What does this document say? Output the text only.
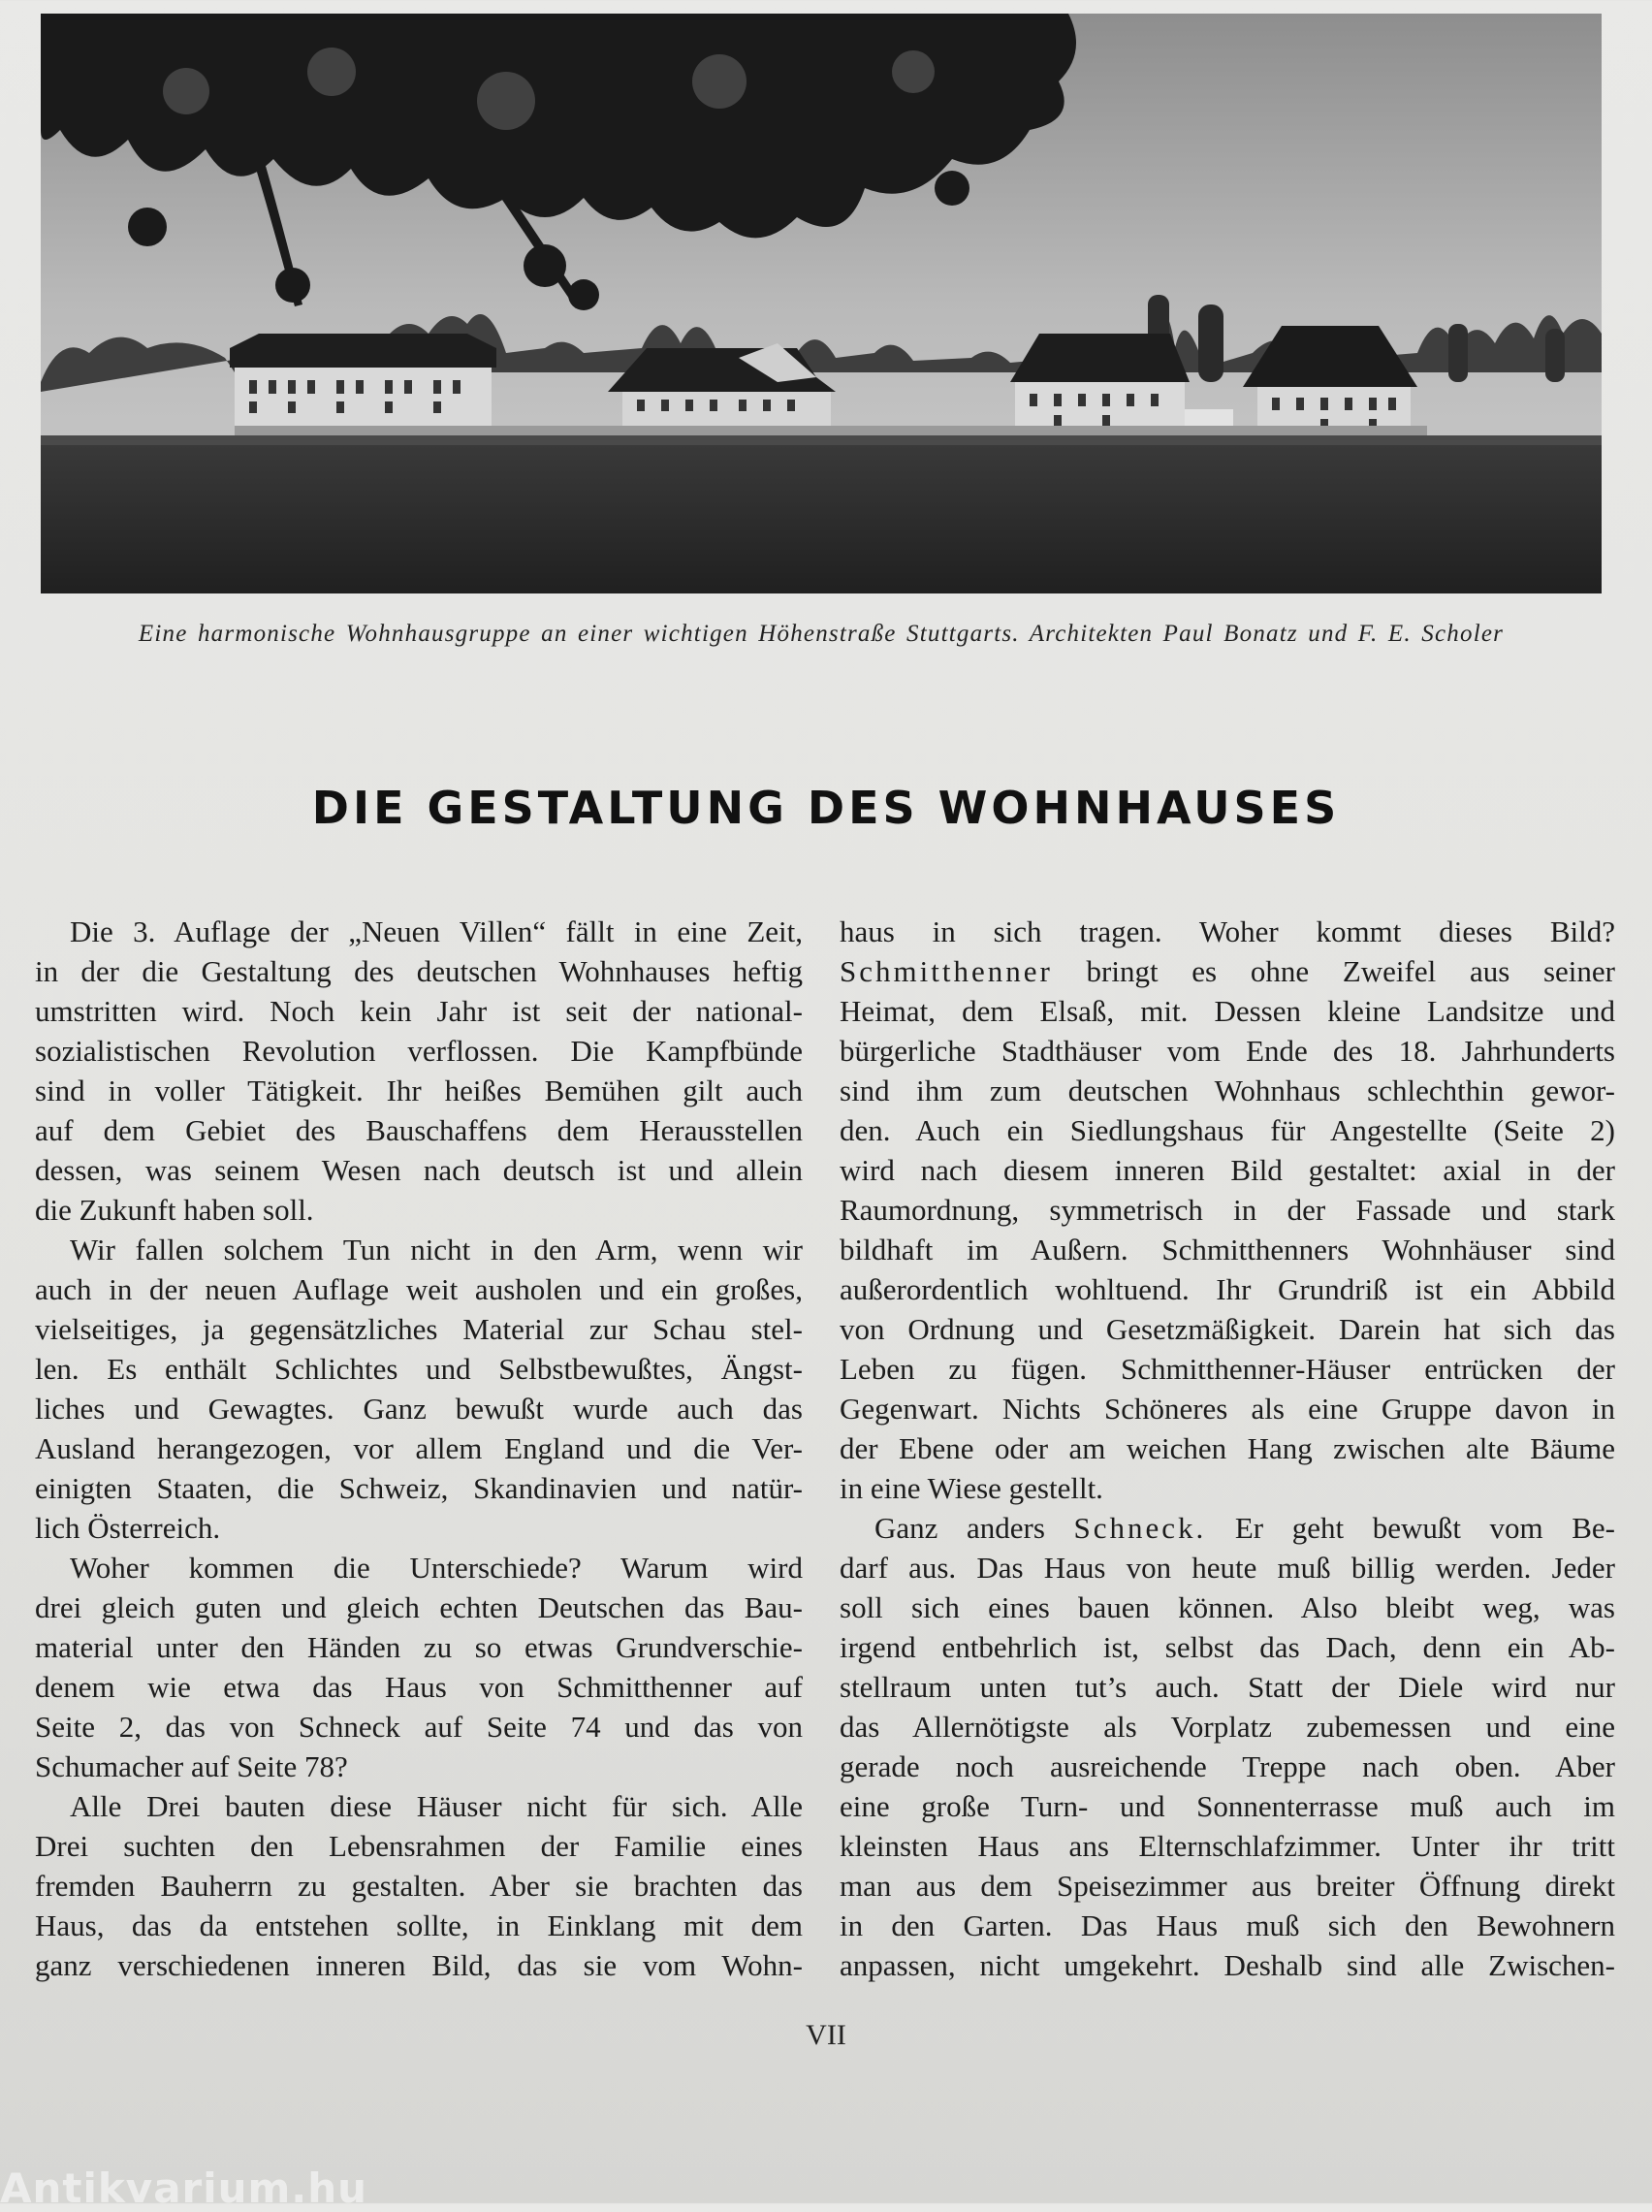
Eine harmonische Wohnhausgruppe an einer wichtigen Höhenstraße Stuttgarts. Architekten Paul Bonatz und F. E. Scholer
DIE GESTALTUNG DES WOHNHAUSES

Die 3. Auflage der „Neuen Villen“ fällt in eine Zeit,
in der die Gestaltung des deutschen Wohnhauses heftig
umstritten wird. Noch kein Jahr ist seit der national-
sozialistischen Revolution verflossen. Die Kampfbünde
sind in voller Tätigkeit. Ihr heißes Bemühen gilt auch
auf dem Gebiet des Bauschaffens dem Herausstellen
dessen, was seinem Wesen nach deutsch ist und allein
die Zukunft haben soll.

Wir fallen solchem Tun nicht in den Arm, wenn wir
auch in der neuen Auflage weit ausholen und ein großes,
vielseitiges, ja gegensätzliches Material zur Schau stel-
len. Es enthält Schlichtes und Selbstbewußtes, Ängst-
liches und Gewagtes. Ganz bewußt wurde auch das
Ausland herangezogen, vor allem England und die Ver-
einigten Staaten, die Schweiz, Skandinavien und natür-
lich Österreich.

Woher kommen die Unterschiede? Warum wird
drei gleich guten und gleich echten Deutschen das Bau-
material unter den Händen zu so etwas Grundverschie-
denem wie etwa das Haus von Schmitthenner auf
Seite 2, das von Schneck auf Seite 74 und das von
Schumacher auf Seite 78?

Alle Drei bauten diese Häuser nicht für sich. Alle
Drei suchten den Lebensrahmen der Familie eines
fremden Bauherrn zu gestalten. Aber sie brachten das
Haus, das da entstehen sollte, in Einklang mit dem
ganz verschiedenen inneren Bild, das sie vom Wohn-

haus in sich tragen. Woher kommt dieses Bild?
Schmitthenner bringt es ohne Zweifel aus seiner
Heimat, dem Elsaß, mit. Dessen kleine Landsitze und
bürgerliche Stadthäuser vom Ende des 18. Jahrhunderts
sind ihm zum deutschen Wohnhaus schlechthin gewor-
den. Auch ein Siedlungshaus für Angestellte (Seite 2)
wird nach diesem inneren Bild gestaltet: axial in der
Raumordnung, symmetrisch in der Fassade und stark
bildhaft im Außern. Schmitthenners Wohnhäuser sind
außerordentlich wohltuend. Ihr Grundriß ist ein Abbild
von Ordnung und Gesetzmäßigkeit. Darein hat sich das
Leben zu fügen. Schmitthenner-Häuser entrücken der
Gegenwart. Nichts Schöneres als eine Gruppe davon in
der Ebene oder am weichen Hang zwischen alte Bäume
in eine Wiese gestellt.

Ganz anders Schneck. Er geht bewußt vom Be-
darf aus. Das Haus von heute muß billig werden. Jeder
soll sich eines bauen können. Also bleibt weg, was
irgend entbehrlich ist, selbst das Dach, denn ein Ab-
stellraum unten tut’s auch. Statt der Diele wird nur
das Allernötigste als Vorplatz zubemessen und eine
gerade noch ausreichende Treppe nach oben. Aber
eine große Turn- und Sonnenterrasse muß auch im
kleinsten Haus ans Elternschlafzimmer. Unter ihr tritt
man aus dem Speisezimmer aus breiter Öffnung direkt
in den Garten. Das Haus muß sich den Bewohnern
anpassen, nicht umgekehrt. Deshalb sind alle Zwischen-

VII
Antikvarium.hu
